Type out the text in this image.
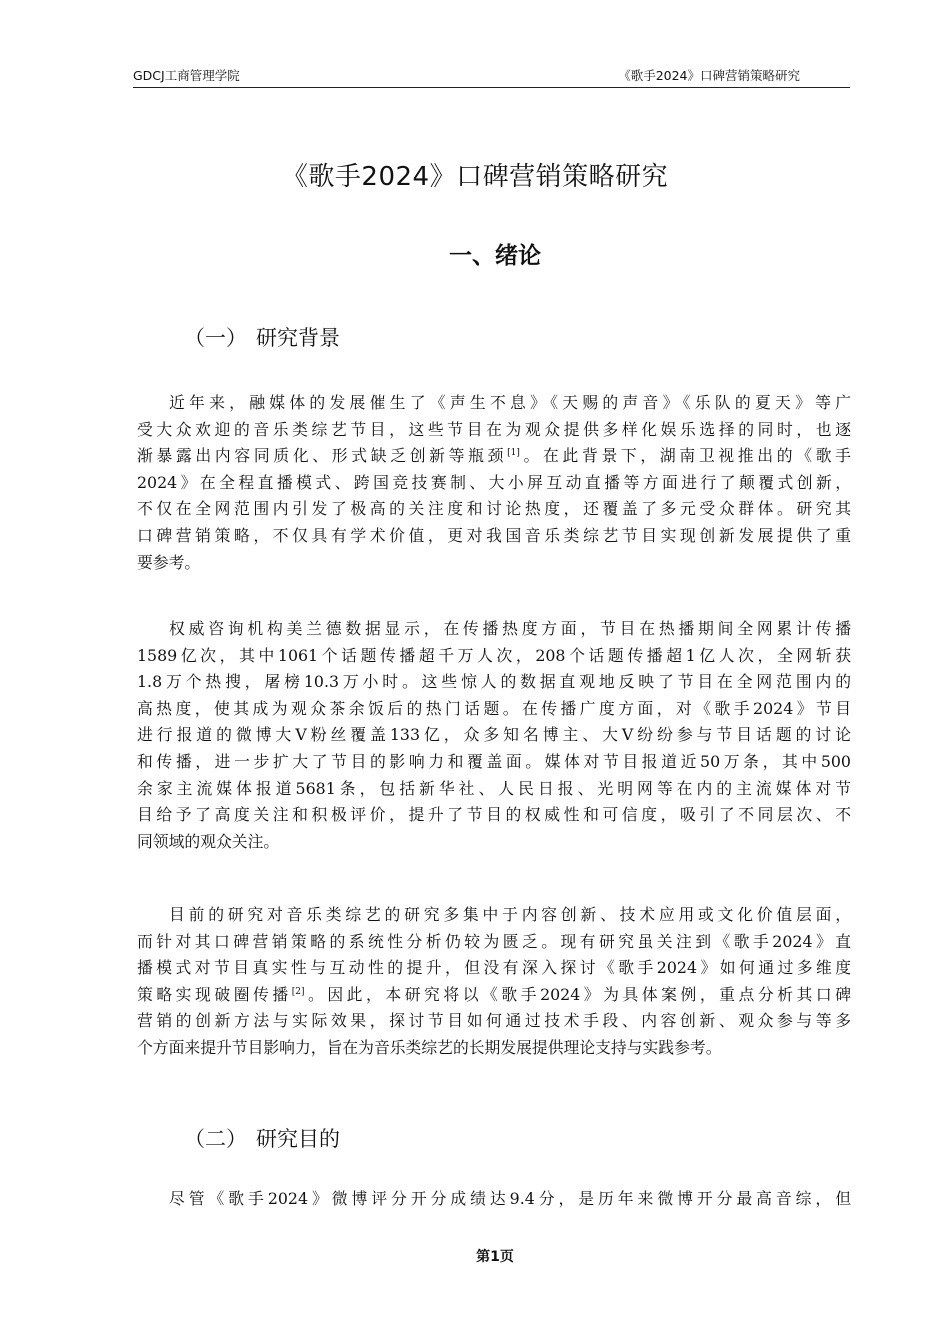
GDCJ工商管理学院	《歌手2024》口碑营销策略研究
《歌手2024》口碑营销策略研究
一、绪论
（一） 研究背景
近年来，融媒体的发展催生了《声生不息》《天赐的声音》《乐队的夏天》等广
受大众欢迎的音乐类综艺节目，这些节目在为观众提供多样化娱乐选择的同时，也逐
渐暴露出内容同质化、形式缺乏创新等瓶颈[1]。在此背景下，湖南卫视推出的《歌手
2024》在全程直播模式、跨国竞技赛制、大小屏互动直播等方面进行了颠覆式创新，
不仅在全网范围内引发了极高的关注度和讨论热度，还覆盖了多元受众群体。研究其
口碑营销策略，不仅具有学术价值，更对我国音乐类综艺节目实现创新发展提供了重
要参考。
权威咨询机构美兰德数据显示，在传播热度方面，节目在热播期间全网累计传播
1589亿次，其中1061个话题传播超千万人次，208个话题传播超1亿人次，全网斩获
1.8万个热搜，屠榜10.3万小时。这些惊人的数据直观地反映了节目在全网范围内的
高热度，使其成为观众茶余饭后的热门话题。在传播广度方面，对《歌手2024》节目
进行报道的微博大V粉丝覆盖133亿，众多知名博主、大V纷纷参与节目话题的讨论
和传播，进一步扩大了节目的影响力和覆盖面。媒体对节目报道近50万条，其中500
余家主流媒体报道5681条，包括新华社、人民日报、光明网等在内的主流媒体对节
目给予了高度关注和积极评价，提升了节目的权威性和可信度，吸引了不同层次、不
同领域的观众关注。
目前的研究对音乐类综艺的研究多集中于内容创新、技术应用或文化价值层面，
而针对其口碑营销策略的系统性分析仍较为匮乏。现有研究虽关注到《歌手2024》直
播模式对节目真实性与互动性的提升，但没有深入探讨《歌手2024》如何通过多维度
策略实现破圈传播[2]。因此，本研究将以《歌手2024》为具体案例，重点分析其口碑
营销的创新方法与实际效果，探讨节目如何通过技术手段、内容创新、观众参与等多
个方面来提升节目影响力，旨在为音乐类综艺的长期发展提供理论支持与实践参考。
（二） 研究目的
尽管《歌手2024》微博评分开分成绩达9.4分，是历年来微博开分最高音综，但
第1页
